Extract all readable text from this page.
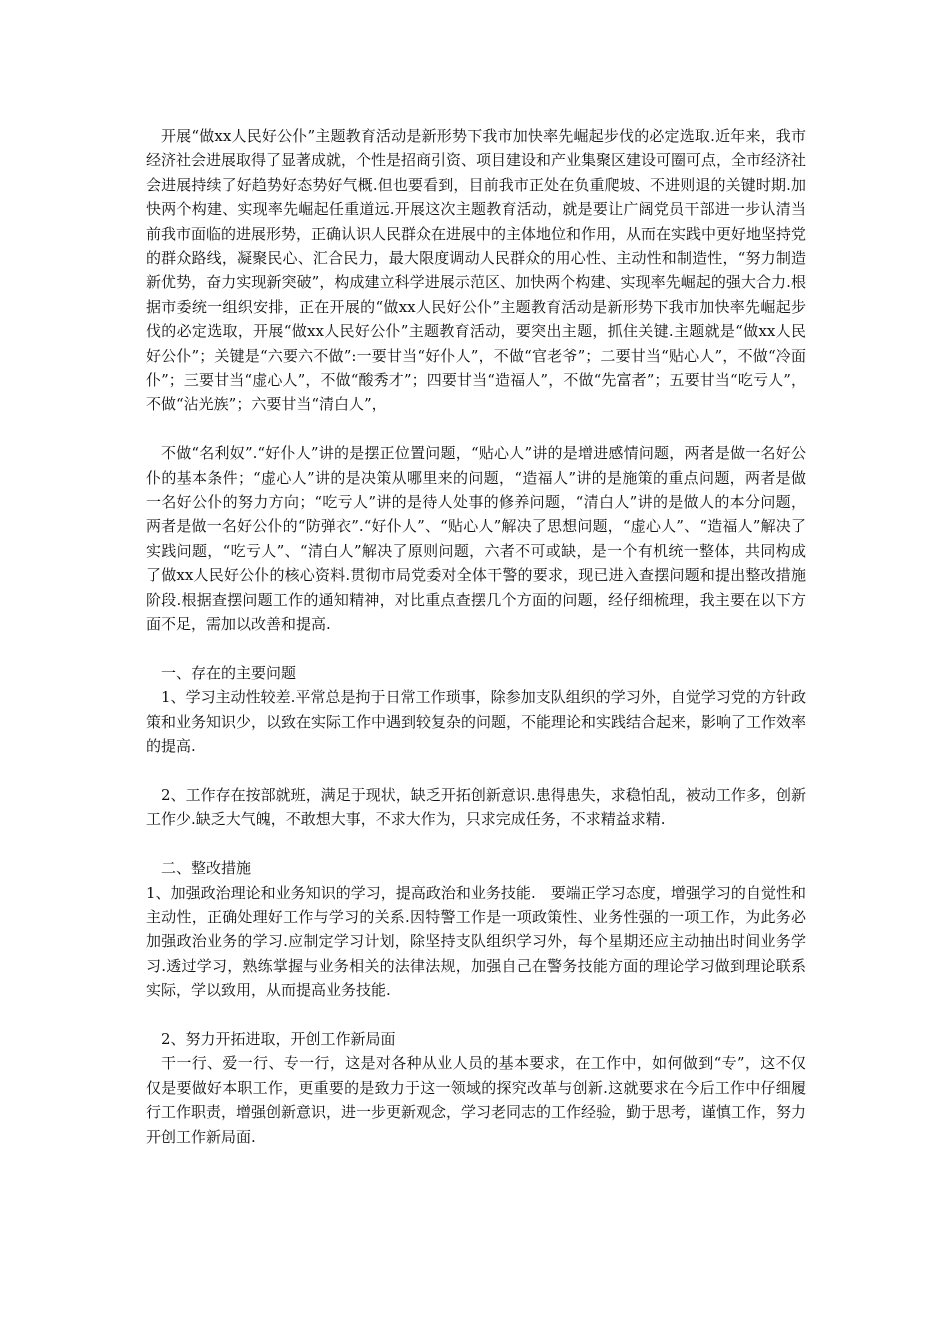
开展“做xx人民好公仆”主题教育活动是新形势下我市加快率先崛起步伐的必定选取.近年来，我市经济社会进展取得了显著成就，个性是招商引资、项目建设和产业集聚区建设可圈可点，全市经济社会进展持续了好趋势好态势好气概.但也要看到，目前我市正处在负重爬坡、不进则退的关键时期.加快两个构建、实现率先崛起任重道远.开展这次主题教育活动，就是要让广阔党员干部进一步认清当前我市面临的进展形势，正确认识人民群众在进展中的主体地位和作用，从而在实践中更好地坚持党的群众路线，凝聚民心、汇合民力，最大限度调动人民群众的用心性、主动性和制造性，“努力制造新优势，奋力实现新突破”，构成建立科学进展示范区、加快两个构建、实现率先崛起的强大合力.根据市委统一组织安排，正在开展的“做xx人民好公仆”主题教育活动是新形势下我市加快率先崛起步伐的必定选取，开展“做xx人民好公仆”主题教育活动，要突出主题，抓住关键.主题就是“做xx人民好公仆”；关键是“六要六不做”:一要甘当“好仆人”，不做“官老爷”；二要甘当“贴心人”，不做“冷面仆”；三要甘当“虚心人”，不做“酸秀才”；四要甘当“造福人”，不做“先富者”；五要甘当“吃亏人”，不做“沾光族”；六要甘当“清白人”，

不做“名利奴”.“好仆人”讲的是摆正位置问题，“贴心人”讲的是增进感情问题，两者是做一名好公仆的基本条件；“虚心人”讲的是决策从哪里来的问题，“造福人”讲的是施策的重点问题，两者是做一名好公仆的努力方向；“吃亏人”讲的是待人处事的修养问题，“清白人”讲的是做人的本分问题，两者是做一名好公仆的“防弹衣”.“好仆人”、“贴心人”解决了思想问题，“虚心人”、“造福人”解决了实践问题，“吃亏人”、“清白人”解决了原则问题，六者不可或缺，是一个有机统一整体，共同构成了做xx人民好公仆的核心资料.贯彻市局党委对全体干警的要求，现已进入查摆问题和提出整改措施阶段.根据查摆问题工作的通知精神，对比重点查摆几个方面的问题，经仔细梳理，我主要在以下方面不足，需加以改善和提高.

一、存在的主要问题

1、学习主动性较差.平常总是拘于日常工作琐事，除参加支队组织的学习外，自觉学习党的方针政策和业务知识少，以致在实际工作中遇到较复杂的问题，不能理论和实践结合起来，影响了工作效率的提高.

2、工作存在按部就班，满足于现状，缺乏开拓创新意识.患得患失，求稳怕乱，被动工作多，创新工作少.缺乏大气魄，不敢想大事，不求大作为，只求完成任务，不求精益求精.

二、整改措施

1、加强政治理论和业务知识的学习，提高政治和业务技能.　要端正学习态度，增强学习的自觉性和主动性，正确处理好工作与学习的关系.因特警工作是一项政策性、业务性强的一项工作，为此务必加强政治业务的学习.应制定学习计划，除坚持支队组织学习外，每个星期还应主动抽出时间业务学习.透过学习，熟练掌握与业务相关的法律法规，加强自己在警务技能方面的理论学习做到理论联系实际，学以致用，从而提高业务技能.

2、努力开拓进取，开创工作新局面

干一行、爱一行、专一行，这是对各种从业人员的基本要求，在工作中，如何做到“专”，这不仅仅是要做好本职工作，更重要的是致力于这一领域的探究改革与创新.这就要求在今后工作中仔细履行工作职责，增强创新意识，进一步更新观念，学习老同志的工作经验，勤于思考，谨慎工作，努力开创工作新局面.
